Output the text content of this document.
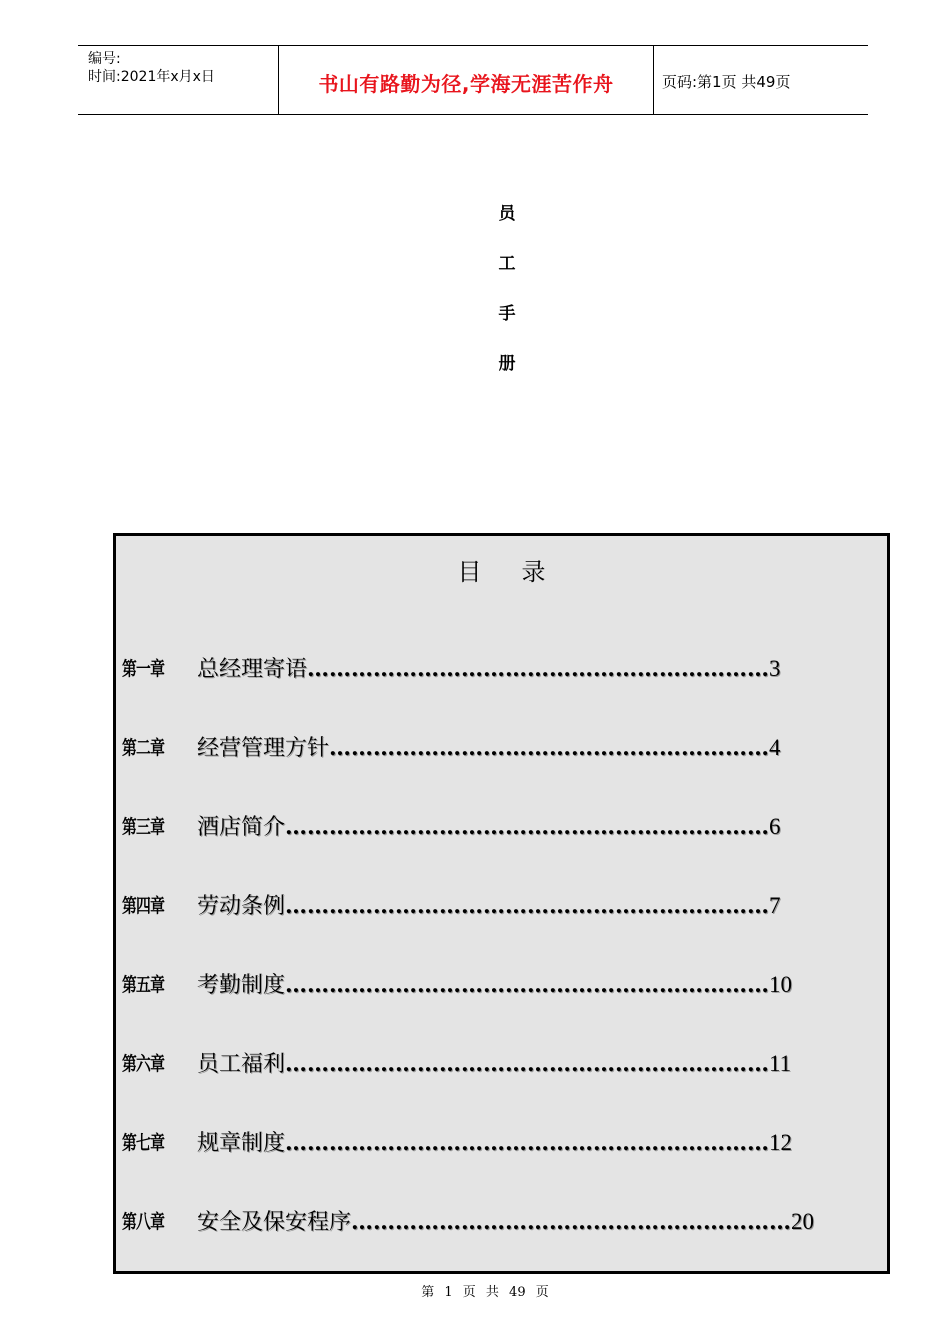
编号:
时间:2021年x月x日	书山有路勤为径,学海无涯苦作舟	页码:第1页 共49页
员
工
手
册
目录
第一章 总经理寄语………………………………………………………3
第二章 经营管理方针……………………………………………………4
第三章 酒店简介…………………………………………………………6
第四章 劳动条例…………………………………………………………7
第五章 考勤制度…………………………………………………………10
第六章 员工福利…………………………………………………………11
第七章 规章制度…………………………………………………………12
第八章 安全及保安程序……………………………………………………20
第 1 页 共 49 页
